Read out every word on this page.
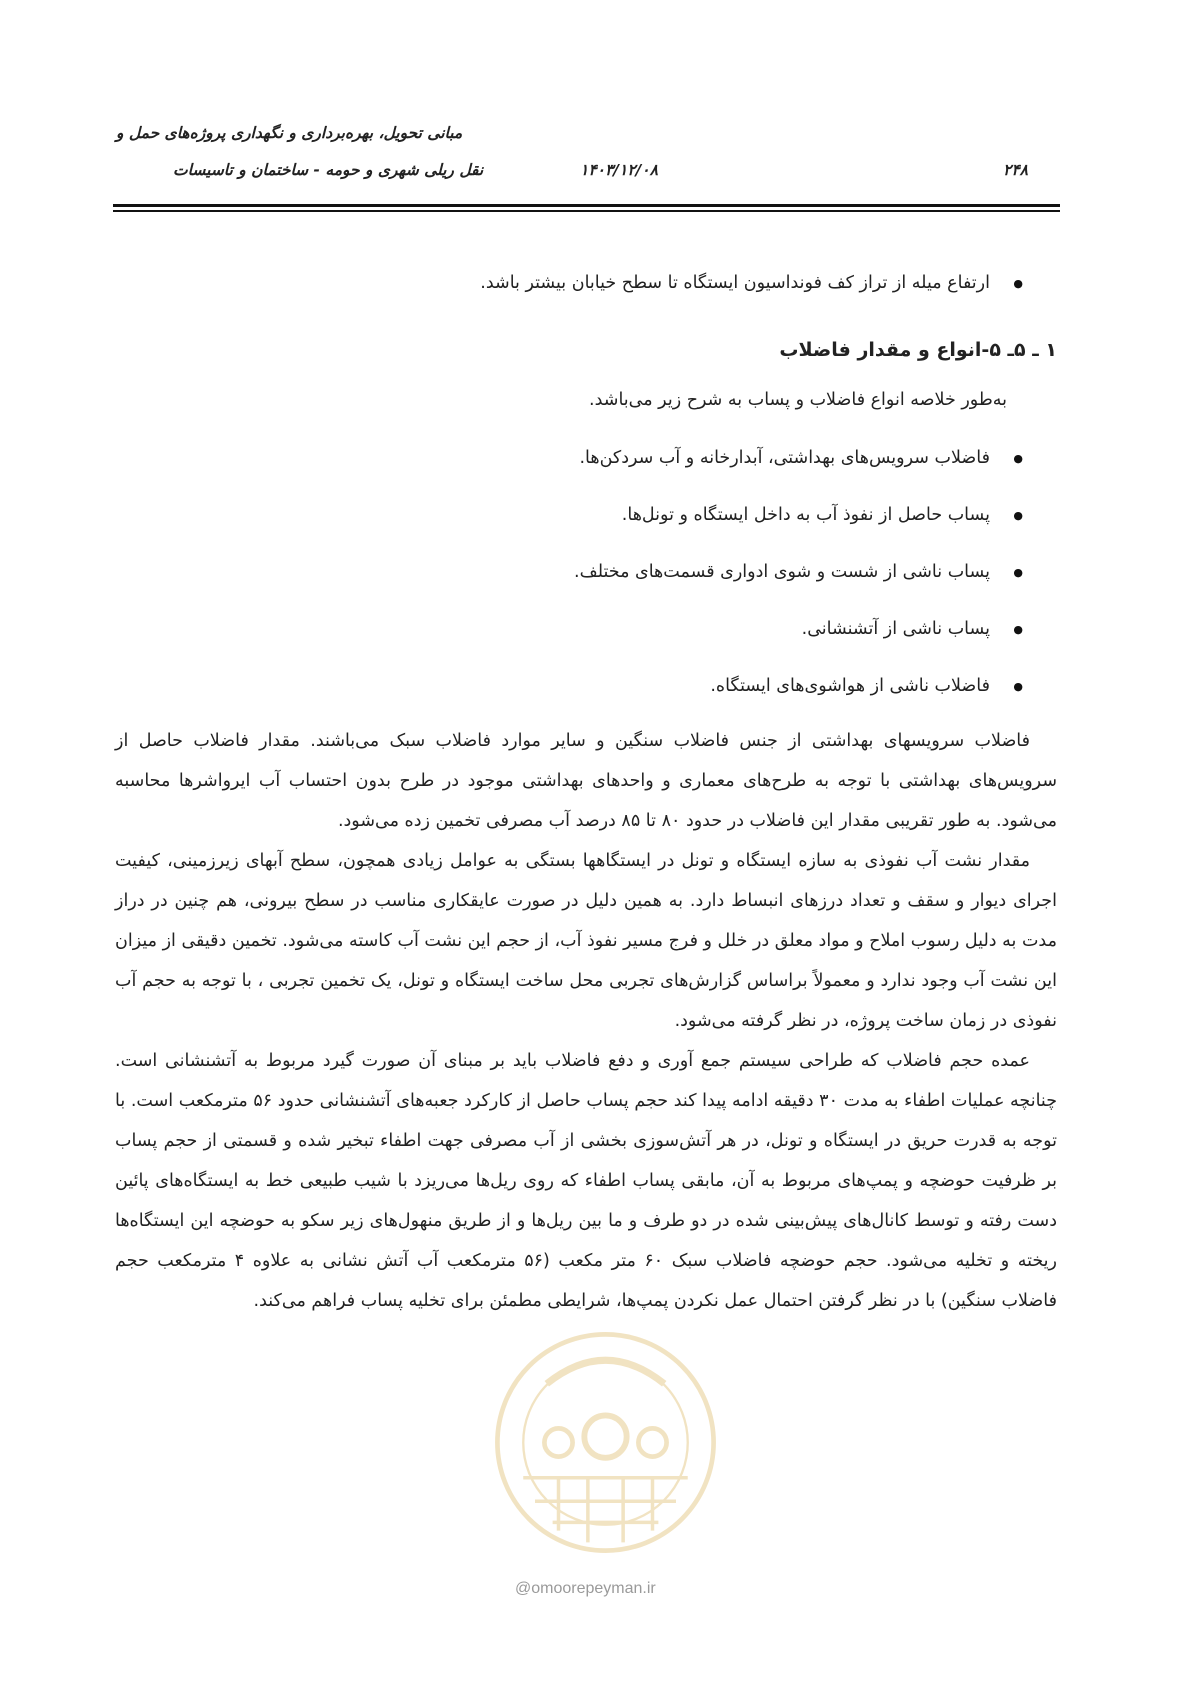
مبانی تحویل، بهره‌برداری و نگهداری پروژه‌های حمل و
نقل ریلی شهری و حومه - ساختمان و تاسیسات	۱۴۰۳/۱۲/۰۸	۲۴۸
● ارتفاع میله از تراز کف فونداسیون ایستگاه تا سطح خیابان بیشتر باشد.
۱ ـ ۵ـ ۵-انواع و مقدار فاضلاب

به‌طور خلاصه انواع فاضلاب و پساب به شرح زیر می‌باشد.

● فاضلاب سرویس‌های بهداشتی، آبدارخانه و آب سردکن‌ها.
● پساب حاصل از نفوذ آب به داخل ایستگاه و تونل‌ها.
● پساب ناشی از شست و شوی ادواری قسمت‌های مختلف.
● پساب ناشی از آتشنشانی.
● فاضلاب ناشی از هواشوی‌های ایستگاه.

فاضلاب سرویسهای بهداشتی از جنس فاضلاب سنگین و سایر موارد فاضلاب سبک می‌باشند. مقدار فاضلاب حاصل از سرویس‌های بهداشتی با توجه به طرح‌های معماری و واحدهای بهداشتی موجود در طرح بدون احتساب آب ایرواشرها محاسبه می‌شود. به طور تقریبی مقدار این فاضلاب در حدود ۸۰ تا ۸۵ درصد آب مصرفی تخمین زده می‌شود.

مقدار نشت آب نفوذی به سازه ایستگاه و تونل در ایستگاهها بستگی به عوامل زیادی همچون، سطح آبهای زیرزمینی، کیفیت اجرای دیوار و سقف و تعداد درزهای انبساط دارد. به همین دلیل در صورت عایقکاری مناسب در سطح بیرونی، هم چنین در دراز مدت به دلیل رسوب املاح و مواد معلق در خلل و فرج مسیر نفوذ آب، از حجم این نشت آب کاسته می‌شود. تخمین دقیقی از میزان این نشت آب وجود ندارد و معمولاً براساس گزارش‌های تجربی محل ساخت ایستگاه و تونل، یک تخمین تجربی ، با توجه به حجم آب نفوذی در زمان ساخت پروژه، در نظر گرفته می‌شود.

عمده حجم فاضلاب که طراحی سیستم جمع آوری و دفع فاضلاب باید بر مبنای آن صورت گیرد مربوط به آتشنشانی است. چنانچه عملیات اطفاء به مدت ۳۰ دقیقه ادامه پیدا کند حجم پساب حاصل از کارکرد جعبه‌های آتشنشانی حدود ۵۶ مترمکعب است. با توجه به قدرت حریق در ایستگاه و تونل، در هر آتش‌سوزی بخشی از آب مصرفی جهت اطفاء تبخیر شده و قسمتی از حجم پساب بر ظرفیت حوضچه و پمپ‌های مربوط به آن، مابقی پساب اطفاء که روی ریل‌ها می‌ریزد با شیب طبیعی خط به ایستگاه‌های پائین دست رفته و توسط کانال‌های پیش‌بینی شده در دو طرف و ما بین ریل‌ها و از طریق منهول‌های زیر سکو به حوضچه این ایستگاه‌ها ریخته و تخلیه می‌شود. حجم حوضچه فاضلاب سبک ۶۰ متر مکعب (۵۶ مترمکعب آب آتش نشانی به علاوه ۴ مترمکعب حجم فاضلاب سنگین) با در نظر گرفتن احتمال عمل نکردن پمپ‌ها، شرایطی مطمئن برای تخلیه پساب فراهم می‌کند.

@omoorepeyman.ir
